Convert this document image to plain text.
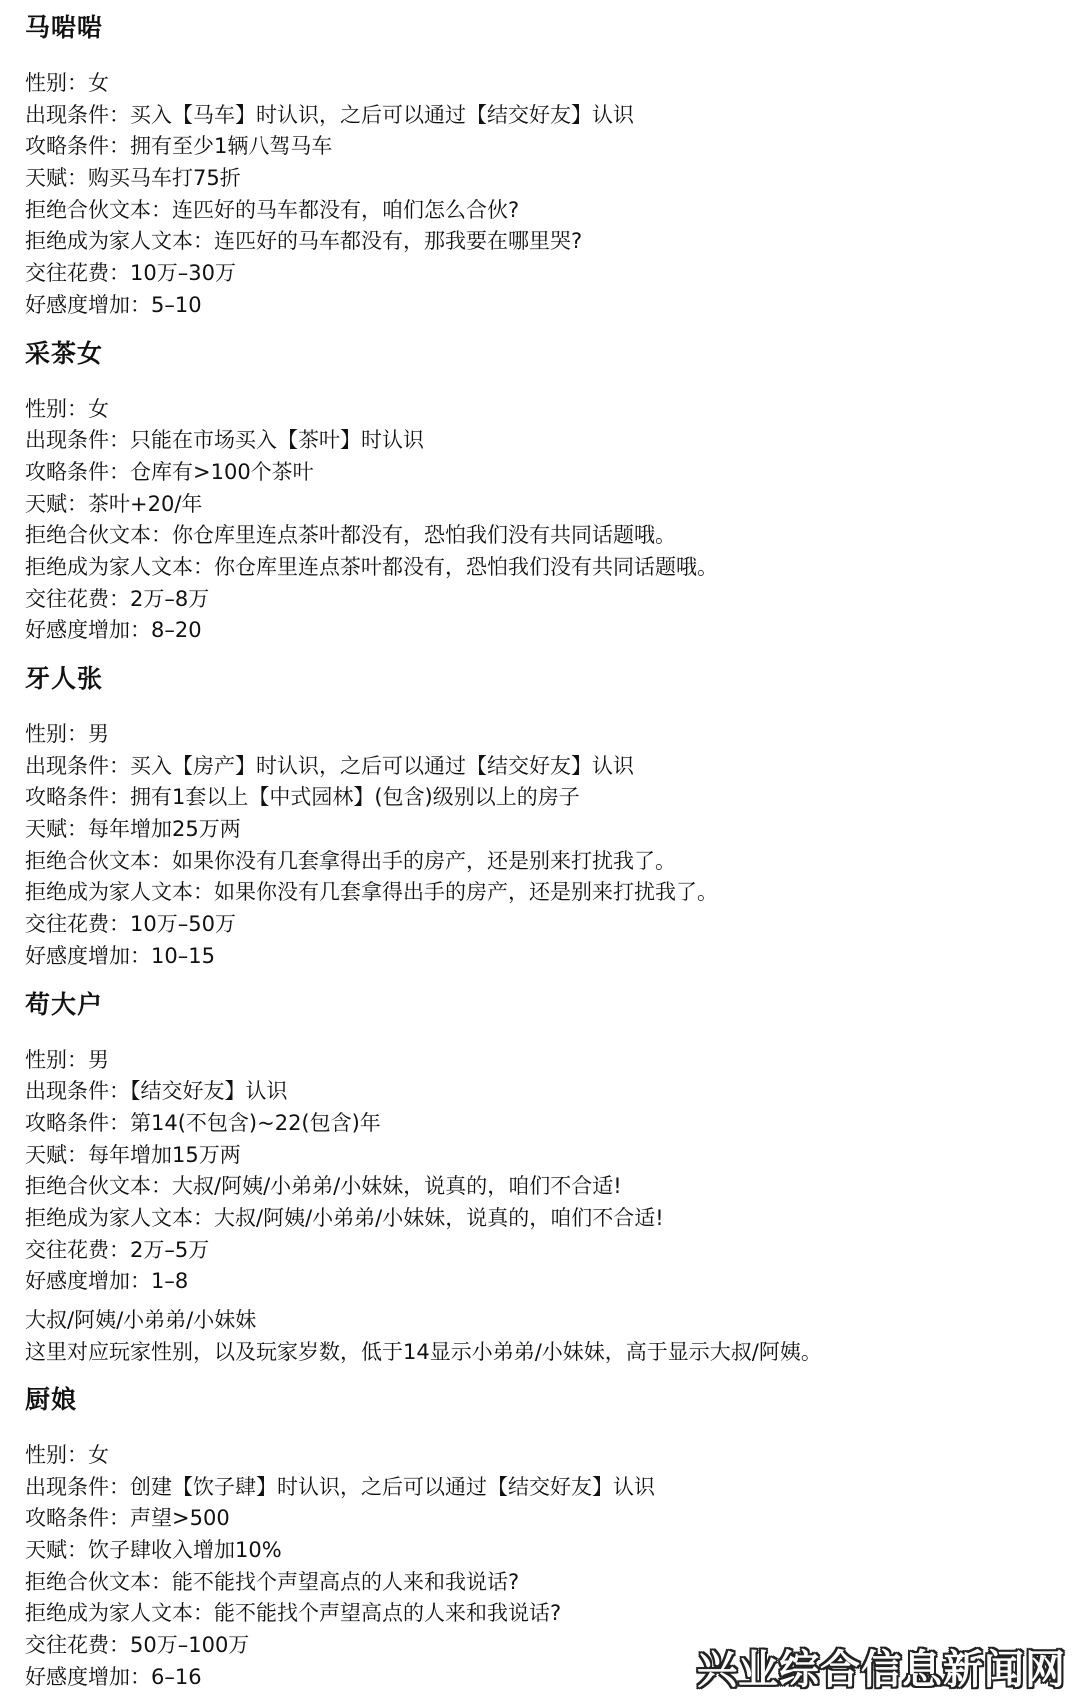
马啱啱
性别：女
出现条件：买入【马车】时认识，之后可以通过【结交好友】认识
攻略条件：拥有至少1辆八驾马车
天赋：购买马车打75折
拒绝合伙文本：连匹好的马车都没有，咱们怎么合伙?
拒绝成为家人文本：连匹好的马车都没有，那我要在哪里哭?
交往花费：10万–30万
好感度增加：5–10
采茶女
性别：女
出现条件：只能在市场买入【茶叶】时认识
攻略条件：仓库有>100个茶叶
天赋：茶叶+20/年
拒绝合伙文本：你仓库里连点茶叶都没有，恐怕我们没有共同话题哦。
拒绝成为家人文本：你仓库里连点茶叶都没有，恐怕我们没有共同话题哦。
交往花费：2万–8万
好感度增加：8–20
牙人张
性别：男
出现条件：买入【房产】时认识，之后可以通过【结交好友】认识
攻略条件：拥有1套以上【中式园林】(包含)级别以上的房子
天赋：每年增加25万两
拒绝合伙文本：如果你没有几套拿得出手的房产，还是别来打扰我了。
拒绝成为家人文本：如果你没有几套拿得出手的房产，还是别来打扰我了。
交往花费：10万–50万
好感度增加：10–15
苟大户
性别：男
出现条件：【结交好友】认识
攻略条件：第14(不包含)~22(包含)年
天赋：每年增加15万两
拒绝合伙文本：大叔/阿姨/小弟弟/小妹妹，说真的，咱们不合适!
拒绝成为家人文本：大叔/阿姨/小弟弟/小妹妹，说真的，咱们不合适!
交往花费：2万–5万
好感度增加：1–8
大叔/阿姨/小弟弟/小妹妹
这里对应玩家性别，以及玩家岁数，低于14显示小弟弟/小妹妹，高于显示大叔/阿姨。
厨娘
性别：女
出现条件：创建【饮子肆】时认识，之后可以通过【结交好友】认识
攻略条件：声望>500
天赋：饮子肆收入增加10%
拒绝合伙文本：能不能找个声望高点的人来和我说话?
拒绝成为家人文本：能不能找个声望高点的人来和我说话?
交往花费：50万–100万
好感度增加：6–16	兴业综合信息新闻网
